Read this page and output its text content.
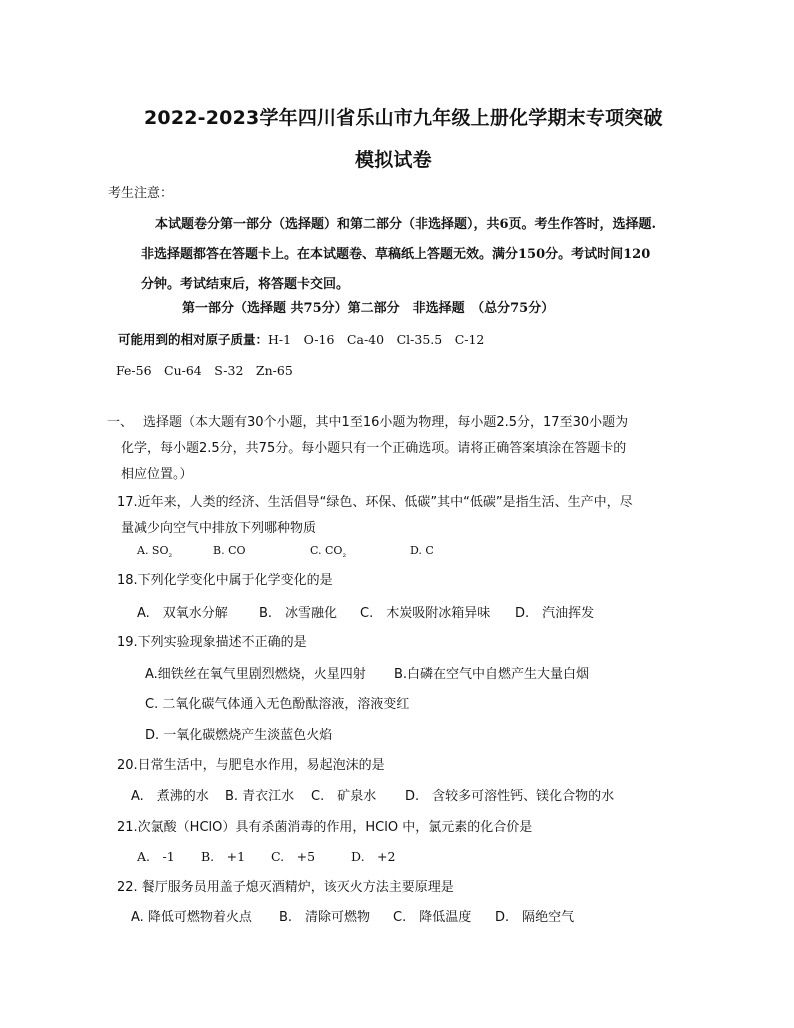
2022-2023学年四川省乐山市九年级上册化学期末专项突破
模拟试卷
考生注意：
本试题卷分第一部分（选择题）和第二部分（非选择题），共6页。考生作答时，选择题.
非选择题都答在答题卡上。在本试题卷、草稿纸上答题无效。满分150分。考试时间120
分钟。考试结束后，将答题卡交回。
第一部分（选择题 共75分）第二部分　非选择题　（总分75分）
可能用到的相对原子质量：H-1　O-16　Ca-40　Cl-35.5　C-12
Fe-56　Cu-64　S-32　Zn-65
一、 选择题（本大题有30个小题，其中1至16小题为物理，每小题2.5分，17至30小题为
化学，每小题2.5分，共75分。每小题只有一个正确选项。请将正确答案填涂在答题卡的
相应位置。）
17.近年来，人类的经济、生活倡导“绿色、环保、低碳”其中“低碳”是指生活、生产中，尽
量减少向空气中排放下列哪种物质
A. $SO_{_2}$	B. CO	C. $CO_{_2}$	D. C
18.下列化学变化中属于化学变化的是
A.　双氧水分解 B.　冰雪融化 C.　木炭吸附冰箱异味 D.　汽油挥发
19.下列实验现象描述不正确的是
A.细铁丝在氧气里剧烈燃烧，火星四射 B.白磷在空气中自燃产生大量白烟
C. 二氧化碳气体通入无色酚酞溶液，溶液变红
D. 一氧化碳燃烧产生淡蓝色火焰
20.日常生活中，与肥皂水作用，易起泡沫的是
A.　煮沸的水 B. 青衣江水 C.　矿泉水 D.　含较多可溶性钙、镁化合物的水
21.次氯酸（HClO）具有杀菌消毒的作用，HClO 中，氯元素的化合价是
A.　-1 B.　+1 C.　+5	D.　+2
22. 餐厅服务员用盖子熄灭酒精炉，该灭火方法主要原理是
A. 降低可燃物着火点 B.　清除可燃物 C.　降低温度 D.　隔绝空气
